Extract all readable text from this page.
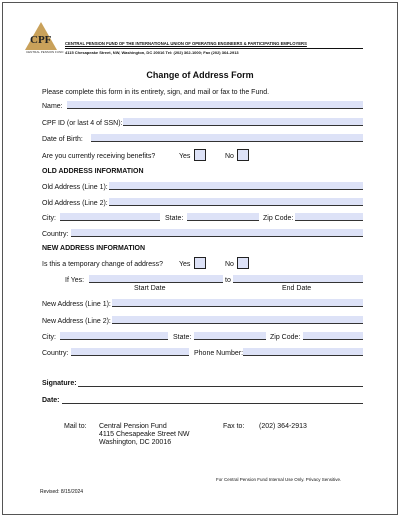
CPF
CENTRAL PENSION FUND
CENTRAL PENSION FUND OF THE INTERNATIONAL UNION OF OPERATING ENGINEERS & PARTICIPATING EMPLOYERS
4115 Chesapeake Street, NW, Washington, DC 20016 Tel: (202) 362-1000; Fax (202) 364-2913
Change of Address Form
Please complete this form in its entirety, sign, and mail or fax to the Fund.
Name:
CPF ID (or last 4 of SSN):
Date of Birth:
Are you currently receiving benefits?	Yes	No
OLD ADDRESS INFORMATION
Old Address (Line 1):
Old Address (Line 2):
City:	State:	Zip Code:
Country:
NEW ADDRESS INFORMATION
Is this a temporary change of address? Yes	No
If Yes:	to
Start Date	End Date
New Address (Line 1):
New Address (Line 2):
City:	State:	Zip Code:
Country:	Phone Number:
Signature:
Date:
Mail to: Central Pension Fund
4115 Chesapeake Street NW
Washington, DC 20016
Fax to: (202) 364-2913
For Central Pension Fund Internal Use Only. Privacy Sensitive.
Revised: 8/15/2024
